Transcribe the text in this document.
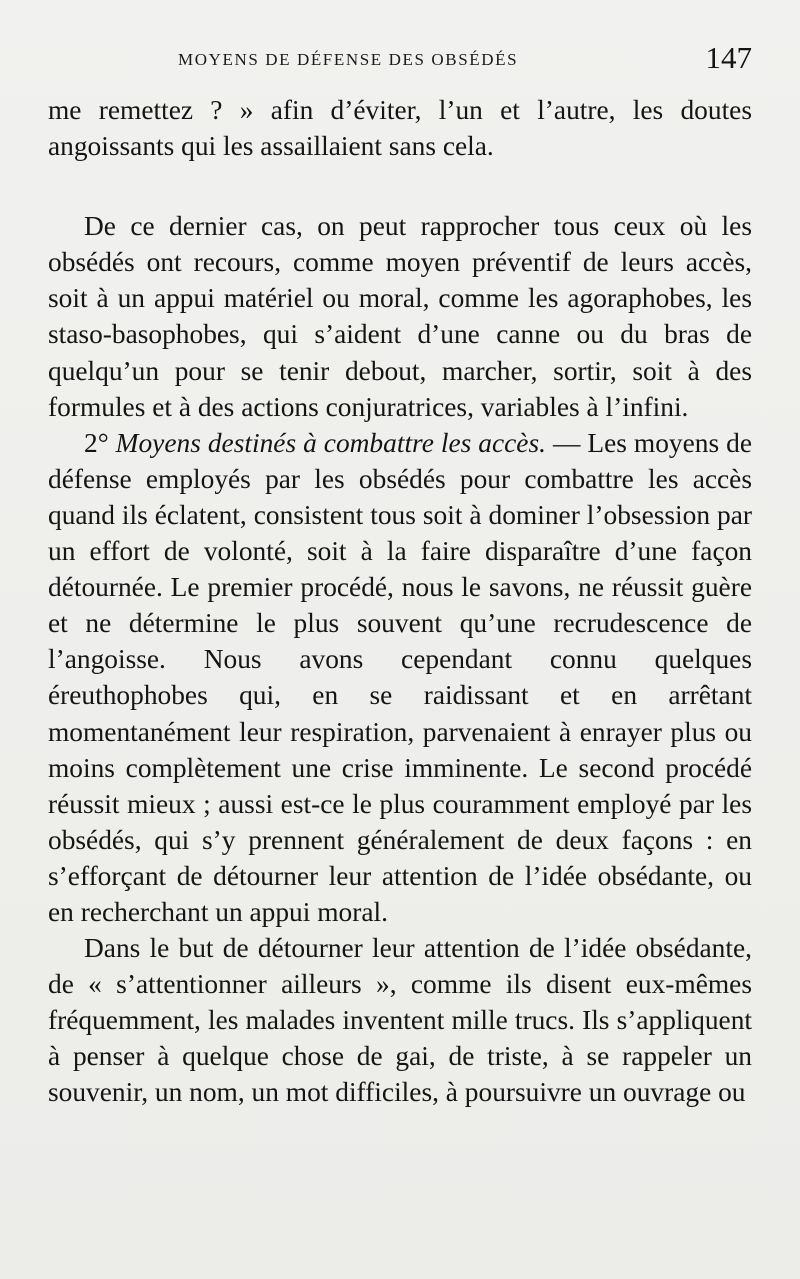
MOYENS DE DÉFENSE DES OBSÉDÉS	147

me remettez ? » afin d’éviter, l’un et l’autre, les doutes angoissants qui les assaillaient sans cela.

De ce dernier cas, on peut rapprocher tous ceux où les obsédés ont recours, comme moyen préventif de leurs accès, soit à un appui matériel ou moral, comme les agoraphobes, les staso-basophobes, qui s’aident d’une canne ou du bras de quelqu’un pour se tenir debout, marcher, sortir, soit à des formules et à des actions conjuratrices, variables à l’infini.

2° Moyens destinés à combattre les accès. — Les moyens de défense employés par les obsédés pour combattre les accès quand ils éclatent, consistent tous soit à dominer l’obsession par un effort de volonté, soit à la faire disparaître d’une façon détournée. Le premier procédé, nous le savons, ne réussit guère et ne détermine le plus souvent qu’une recrudescence de l’angoisse. Nous avons cependant connu quelques éreuthophobes qui, en se raidissant et en arrêtant momentanément leur respiration, parvenaient à enrayer plus ou moins complètement une crise imminente. Le second procédé réussit mieux ; aussi est-ce le plus couramment employé par les obsédés, qui s’y prennent généralement de deux façons : en s’efforçant de détourner leur attention de l’idée obsédante, ou en recherchant un appui moral.

Dans le but de détourner leur attention de l’idée obsédante, de « s’attentionner ailleurs », comme ils disent eux-mêmes fréquemment, les malades inventent mille trucs. Ils s’appliquent à penser à quelque chose de gai, de triste, à se rappeler un souvenir, un nom, un mot difficiles, à poursuivre un ouvrage ou
